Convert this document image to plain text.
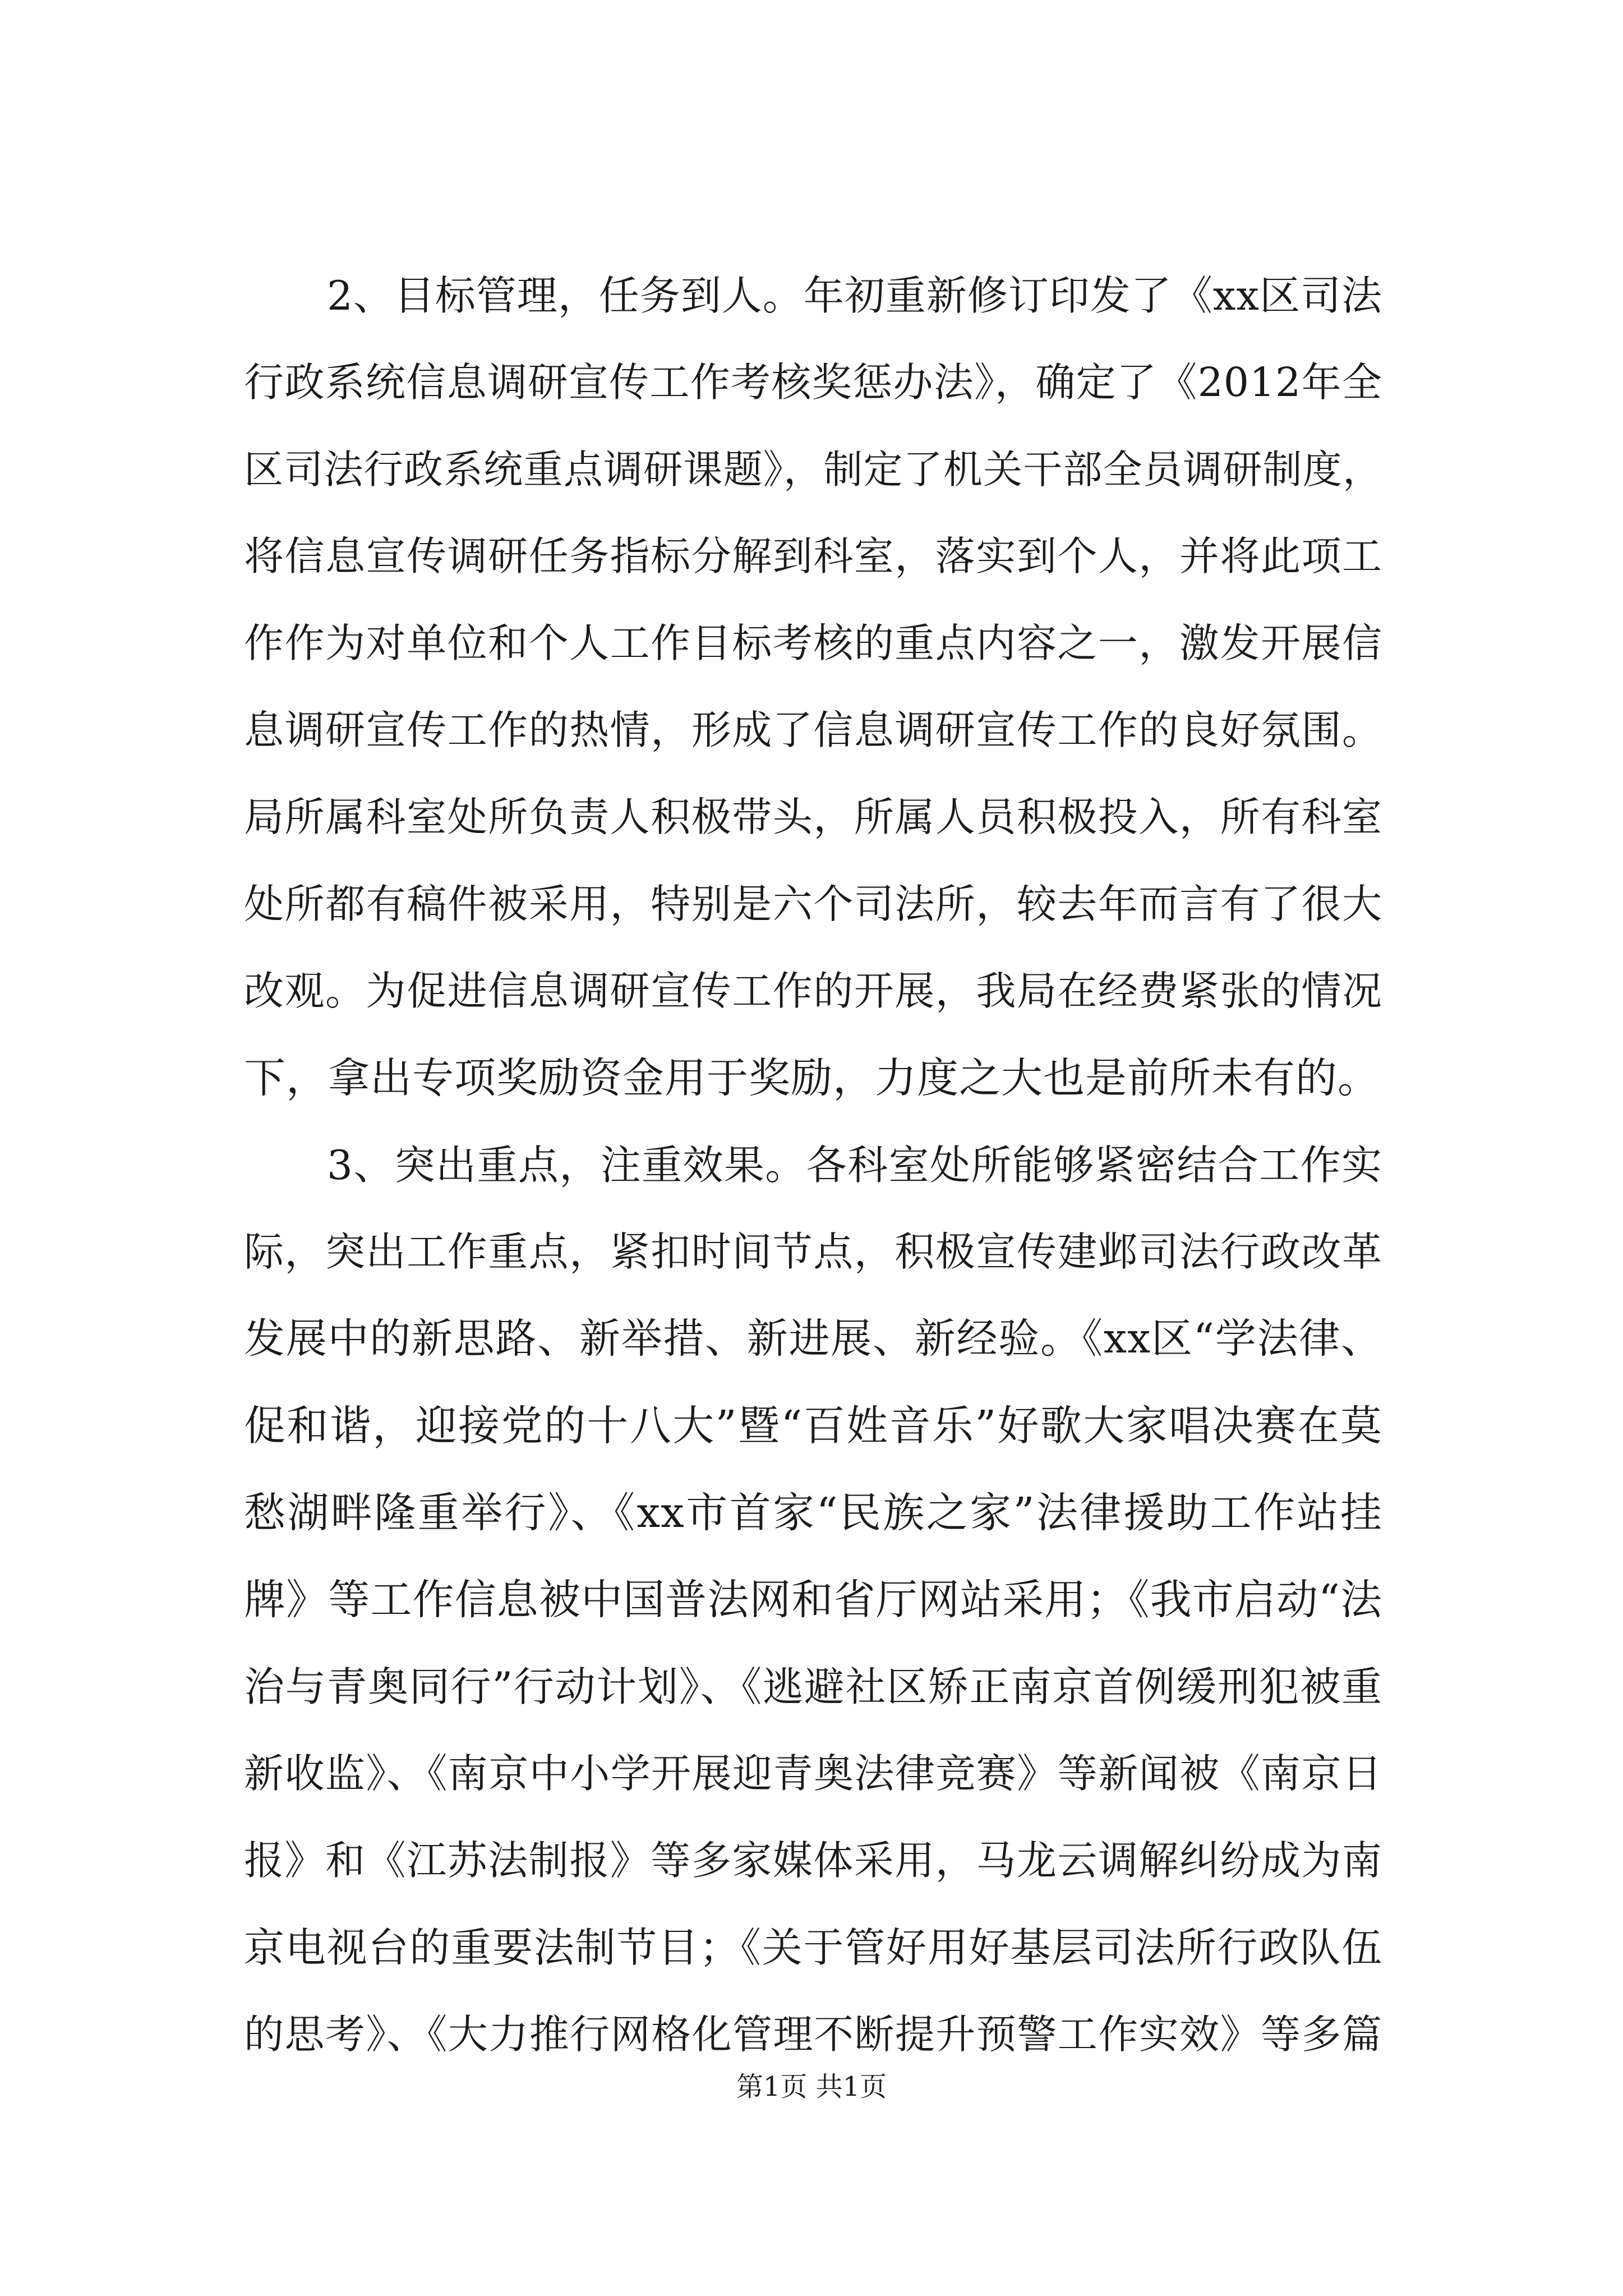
2、目标管理，任务到人。年初重新修订印发了《xx区司法
行政系统信息调研宣传工作考核奖惩办法》，确定了《2012年全
区司法行政系统重点调研课题》，制定了机关干部全员调研制度，
将信息宣传调研任务指标分解到科室，落实到个人，并将此项工
作作为对单位和个人工作目标考核的重点内容之一，激发开展信
息调研宣传工作的热情，形成了信息调研宣传工作的良好氛围。
局所属科室处所负责人积极带头，所属人员积极投入，所有科室
处所都有稿件被采用，特别是六个司法所，较去年而言有了很大
改观。为促进信息调研宣传工作的开展，我局在经费紧张的情况
下，拿出专项奖励资金用于奖励，力度之大也是前所未有的。
3、突出重点，注重效果。各科室处所能够紧密结合工作实
际，突出工作重点，紧扣时间节点，积极宣传建邺司法行政改革
发展中的新思路、新举措、新进展、新经验。《xx区“学法律、
促和谐，迎接党的十八大”暨“百姓音乐”好歌大家唱决赛在莫
愁湖畔隆重举行》、《xx市首家“民族之家”法律援助工作站挂
牌》等工作信息被中国普法网和省厅网站采用；《我市启动“法
治与青奥同行”行动计划》、《逃避社区矫正南京首例缓刑犯被重
新收监》、《南京中小学开展迎青奥法律竞赛》等新闻被《南京日
报》和《江苏法制报》等多家媒体采用，马龙云调解纠纷成为南
京电视台的重要法制节目；《关于管好用好基层司法所行政队伍
的思考》、《大力推行网格化管理不断提升预警工作实效》等多篇
第1页 共1页
